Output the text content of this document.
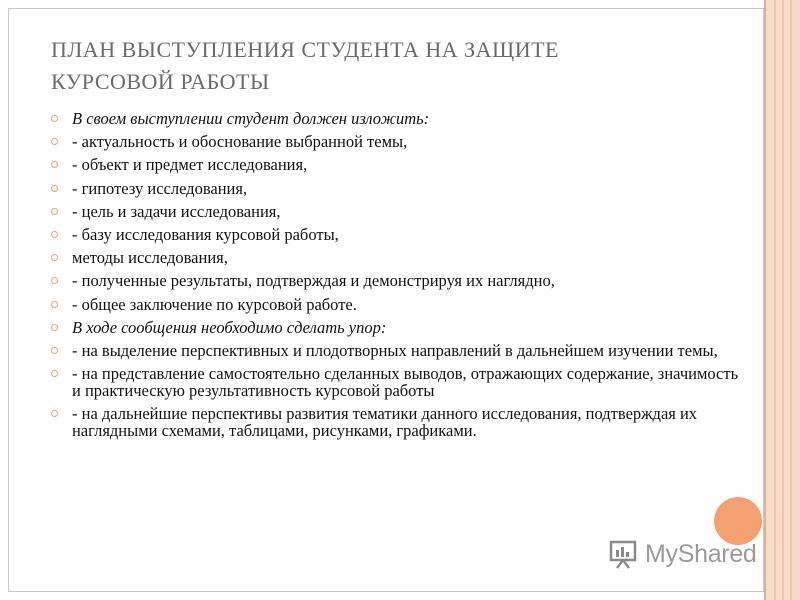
ПЛАН ВЫСТУПЛЕНИЯ СТУДЕНТА НА ЗАЩИТЕ
КУРСОВОЙ РАБОТЫ
В своем выступлении студент должен изложить:
- актуальность и обоснование выбранной темы,
- объект и предмет исследования,
- гипотезу исследования,
- цель и задачи исследования,
- базу исследования курсовой работы,
методы исследования,
- полученные результаты, подтверждая и демонстрируя их наглядно,
- общее заключение по курсовой работе.
В ходе сообщения необходимо сделать упор:
- на выделение перспективных и плодотворных направлений в дальнейшем изучении темы,
- на представление самостоятельно сделанных выводов, отражающих содержание, значимость и практическую результативность курсовой работы
- на дальнейшие перспективы развития тематики данного исследования, подтверждая их наглядными схемами, таблицами, рисунками, графиками.
MyShared
